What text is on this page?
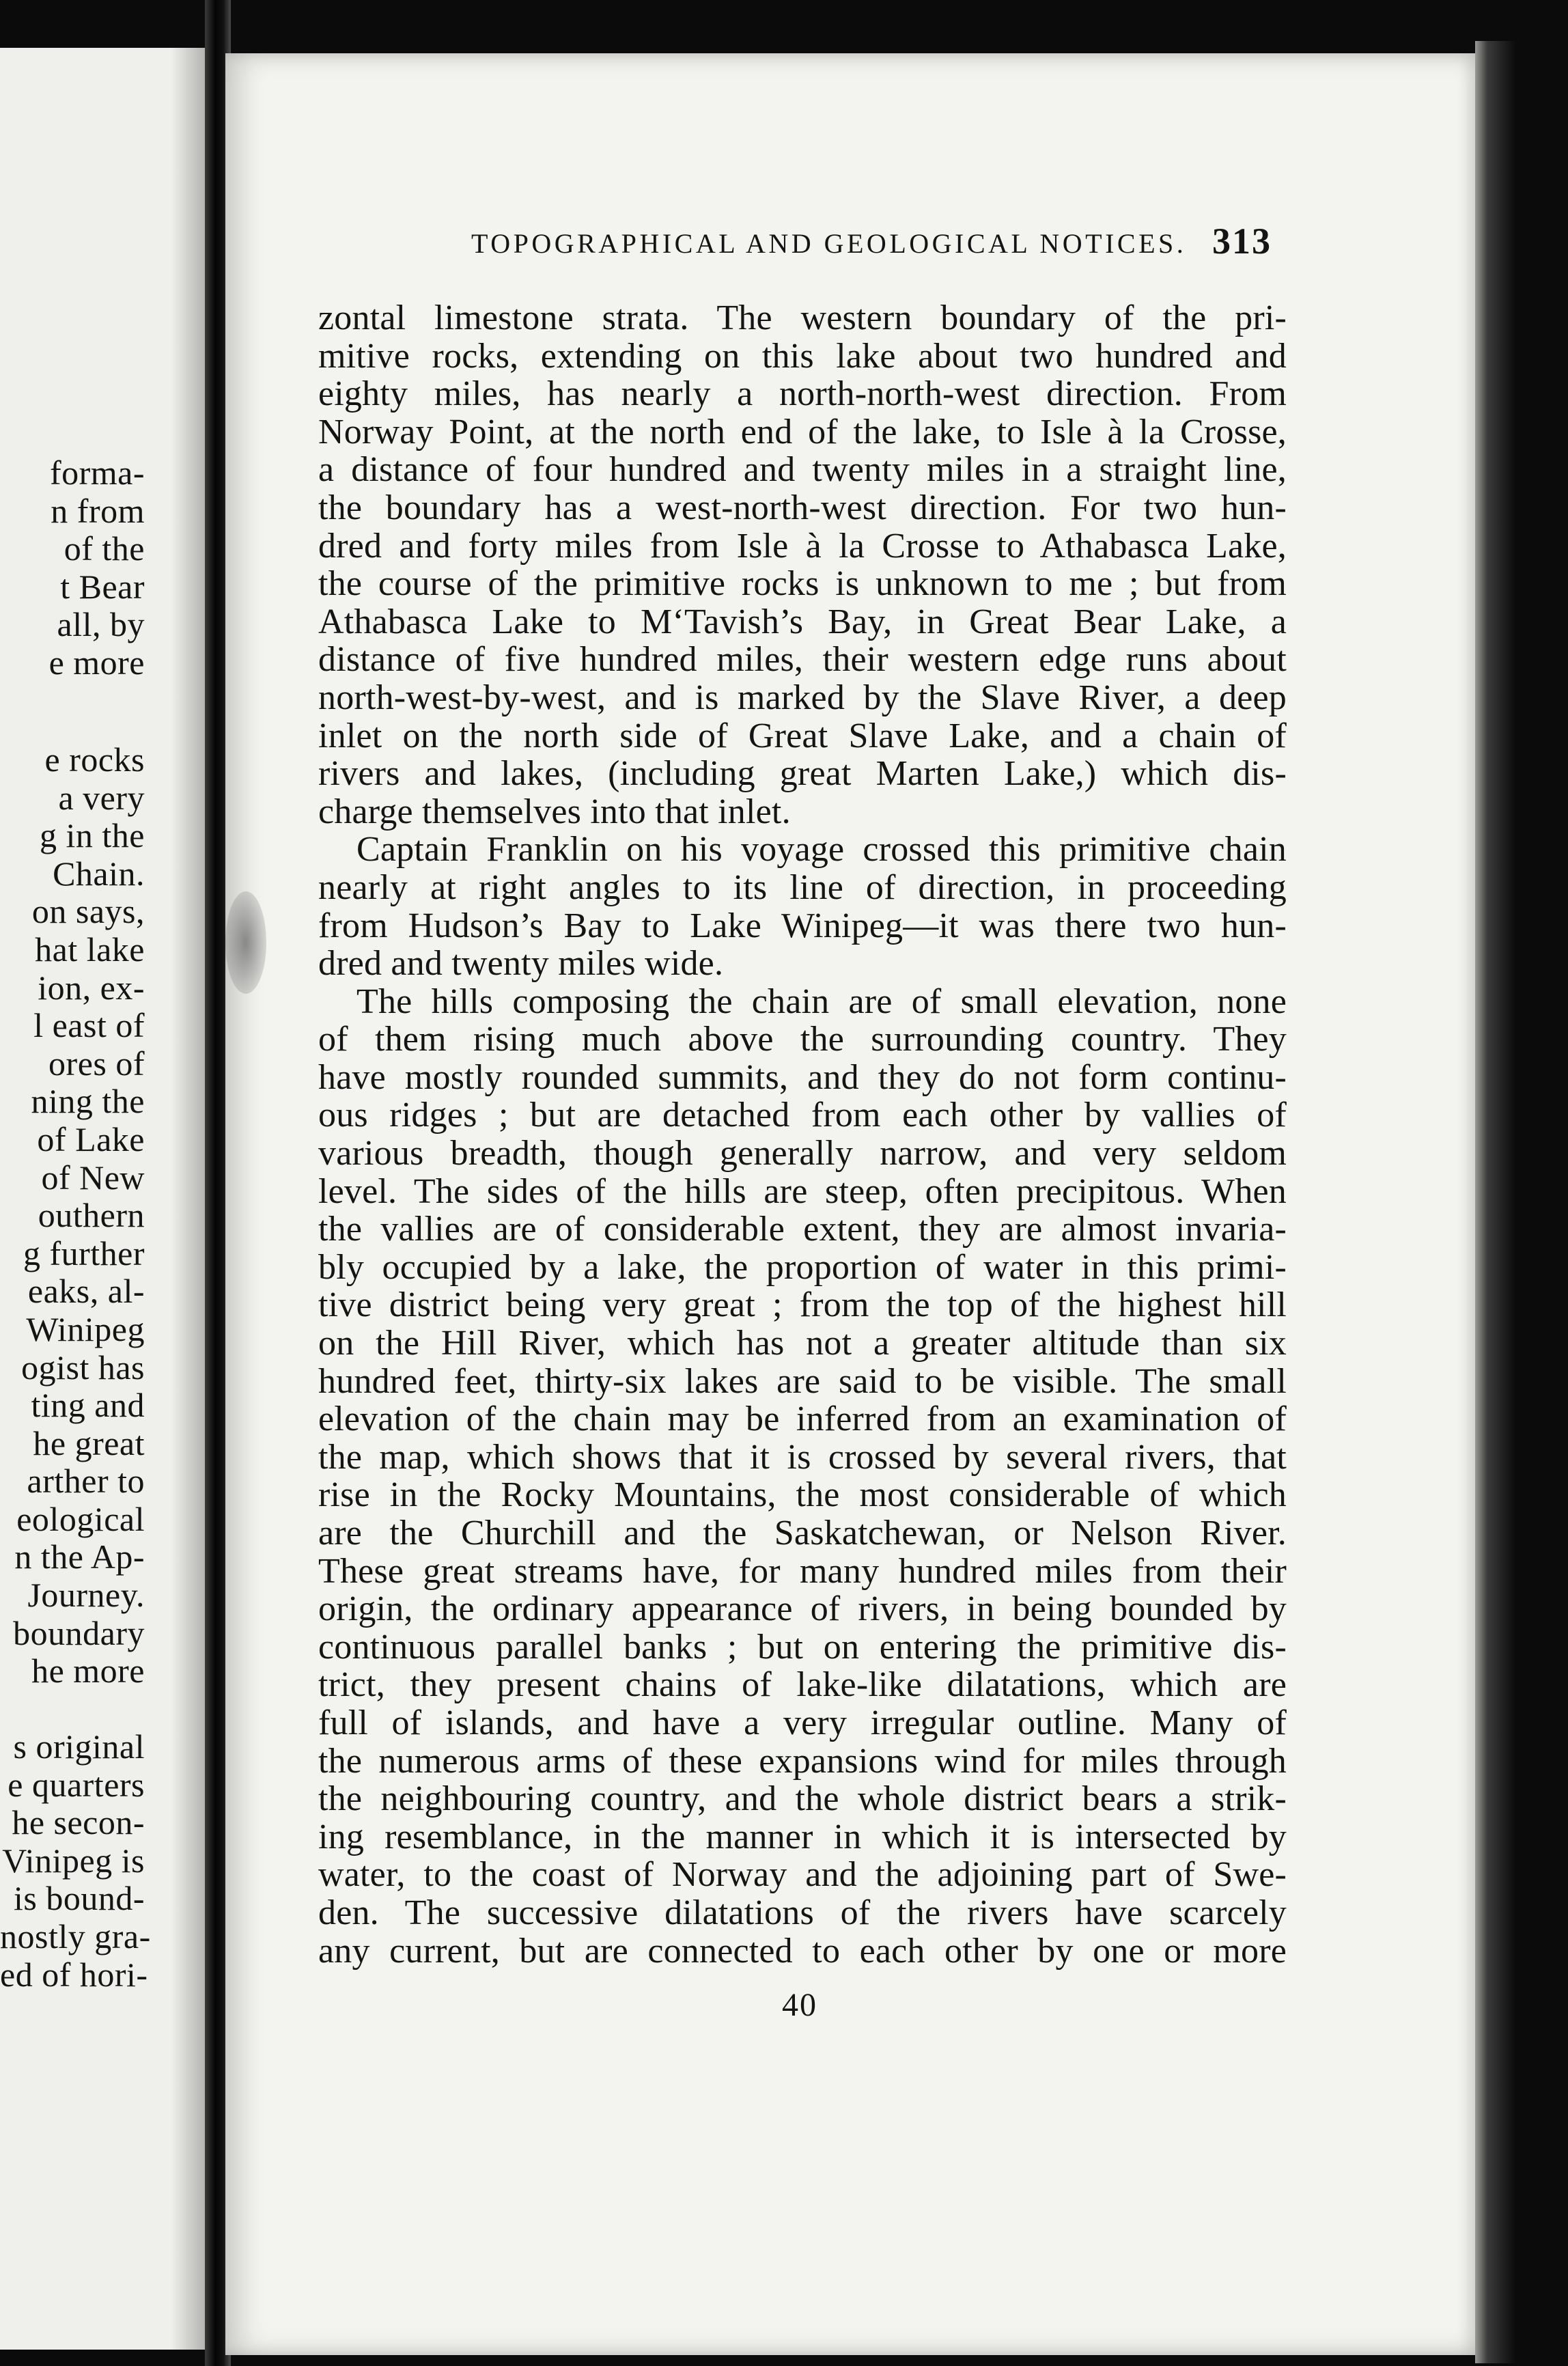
forma-
n from
of the
t Bear
all, by
e more
e rocks
a very
g in the
Chain.
on says,
hat lake
ion, ex-
l east of
ores of
ning the
of Lake
of New
outhern
g further
eaks, al-
Winipeg
ogist has
ting and
he great
arther to
eological
n the Ap-
Journey.
boundary
he more
s original
e quarters
he secon-
Vinipeg is
is bound-
nostly gra-
ed of hori-
TOPOGRAPHICAL AND GEOLOGICAL NOTICES. 313
zontal limestone strata. The western boundary of the pri-
mitive rocks, extending on this lake about two hundred and
eighty miles, has nearly a north-north-west direction. From
Norway Point, at the north end of the lake, to Isle à la Crosse,
a distance of four hundred and twenty miles in a straight line,
the boundary has a west-north-west direction. For two hun-
dred and forty miles from Isle à la Crosse to Athabasca Lake,
the course of the primitive rocks is unknown to me ; but from
Athabasca Lake to M‘Tavish’s Bay, in Great Bear Lake, a
distance of five hundred miles, their western edge runs about
north-west-by-west, and is marked by the Slave River, a deep
inlet on the north side of Great Slave Lake, and a chain of
rivers and lakes, (including great Marten Lake,) which dis-
charge themselves into that inlet.
Captain Franklin on his voyage crossed this primitive chain
nearly at right angles to its line of direction, in proceeding
from Hudson’s Bay to Lake Winipeg—it was there two hun-
dred and twenty miles wide.
The hills composing the chain are of small elevation, none
of them rising much above the surrounding country. They
have mostly rounded summits, and they do not form continu-
ous ridges ; but are detached from each other by vallies of
various breadth, though generally narrow, and very seldom
level. The sides of the hills are steep, often precipitous. When
the vallies are of considerable extent, they are almost invaria-
bly occupied by a lake, the proportion of water in this primi-
tive district being very great ; from the top of the highest hill
on the Hill River, which has not a greater altitude than six
hundred feet, thirty-six lakes are said to be visible. The small
elevation of the chain may be inferred from an examination of
the map, which shows that it is crossed by several rivers, that
rise in the Rocky Mountains, the most considerable of which
are the Churchill and the Saskatchewan, or Nelson River.
These great streams have, for many hundred miles from their
origin, the ordinary appearance of rivers, in being bounded by
continuous parallel banks ; but on entering the primitive dis-
trict, they present chains of lake-like dilatations, which are
full of islands, and have a very irregular outline. Many of
the numerous arms of these expansions wind for miles through
the neighbouring country, and the whole district bears a strik-
ing resemblance, in the manner in which it is intersected by
water, to the coast of Norway and the adjoining part of Swe-
den. The successive dilatations of the rivers have scarcely
any current, but are connected to each other by one or more
40
